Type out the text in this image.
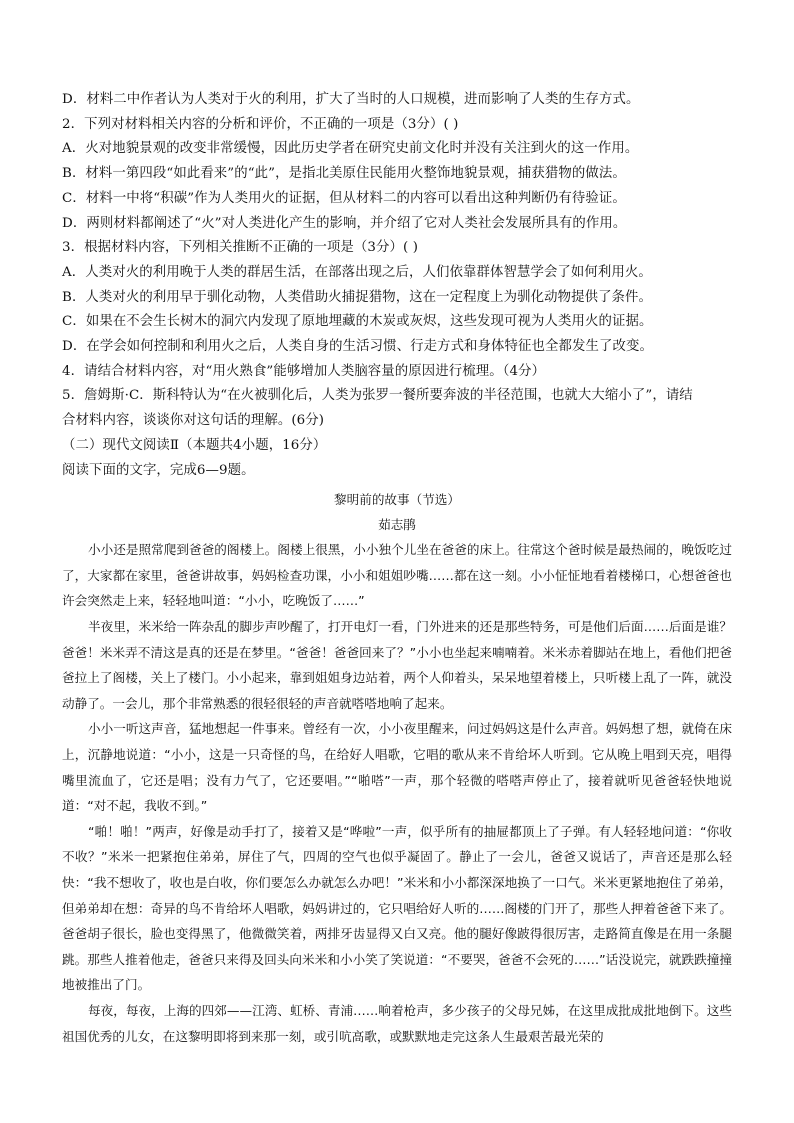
D．材料二中作者认为人类对于火的利用，扩大了当时的人口规模，进而影响了人类的生存方式。
2．下列对材料相关内容的分析和评价，不正确的一项是（3分）( )
A．火对地貌景观的改变非常缓慢，因此历史学者在研究史前文化时并没有关注到火的这一作用。
B．材料一第四段“如此看来”的“此”，是指北美原住民能用火整饰地貌景观，捕获猎物的做法。
C．材料一中将“积碳”作为人类用火的证据，但从材料二的内容可以看出这种判断仍有待验证。
D．两则材料都阐述了“火”对人类进化产生的影响，并介绍了它对人类社会发展所具有的作用。
3．根据材料内容，下列相关推断不正确的一项是（3分）( )
A．人类对火的利用晚于人类的群居生活，在部落出现之后，人们依靠群体智慧学会了如何利用火。
B．人类对火的利用早于驯化动物，人类借助火捕捉猎物，这在一定程度上为驯化动物提供了条件。
C．如果在不会生长树木的洞穴内发现了原地埋藏的木炭或灰烬，这些发现可视为人类用火的证据。
D．在学会如何控制和利用火之后，人类自身的生活习惯、行走方式和身体特征也全都发生了改变。
4．请结合材料内容，对“用火熟食”能够增加人类脑容量的原因进行梳理。（4分）
5．詹姆斯·C．斯科特认为“在火被驯化后，人类为张罗一餐所要奔波的半径范围，也就大大缩小了”，请结
合材料内容，谈谈你对这句话的理解。(6分)
（二）现代文阅读Ⅱ（本题共4小题，16分）
阅读下面的文字，完成6—9题。
黎明前的故事（节选）
茹志鹃

小小还是照常爬到爸爸的阁楼上。阁楼上很黑，小小独个儿坐在爸爸的床上。往常这个爸时候是最热闹的，晚饭吃过了，大家都在家里，爸爸讲故事，妈妈检查功课，小小和姐姐吵嘴……都在这一刻。小小怔怔地看着楼梯口，心想爸爸也许会突然走上来，轻轻地叫道：“小小，吃晚饭了……”

半夜里，米米给一阵杂乱的脚步声吵醒了，打开电灯一看，门外进来的还是那些特务，可是他们后面……后面是谁？爸爸！米米弄不清这是真的还是在梦里。“爸爸！爸爸回来了？”小小也坐起来喃喃着。米米赤着脚站在地上，看他们把爸爸拉上了阁楼，关上了楼门。小小起来，靠到姐姐身边站着，两个人仰着头，呆呆地望着楼上，只听楼上乱了一阵，就没动静了。一会儿，那个非常熟悉的很轻很轻的声音就嗒嗒地响了起来。

小小一听这声音，猛地想起一件事来。曾经有一次，小小夜里醒来，问过妈妈这是什么声音。妈妈想了想，就倚在床上，沉静地说道：“小小，这是一只奇怪的鸟，在给好人唱歌，它唱的歌从来不肯给坏人听到。它从晚上唱到天亮，唱得嘴里流血了，它还是唱；没有力气了，它还要唱。”“啪嗒”一声，那个轻微的嗒嗒声停止了，接着就听见爸爸轻快地说道：“对不起，我收不到。”

“啪！啪！”两声，好像是动手打了，接着又是“哗啦”一声，似乎所有的抽屉都顶上了子弹。有人轻轻地问道：“你收不收？”米米一把紧抱住弟弟，屏住了气，四周的空气也似乎凝固了。静止了一会儿，爸爸又说话了，声音还是那么轻快：“我不想收了，收也是白收，你们要怎么办就怎么办吧！”米米和小小都深深地换了一口气。米米更紧地抱住了弟弟，但弟弟却在想：奇异的鸟不肯给坏人唱歌，妈妈讲过的，它只唱给好人听的……阁楼的门开了，那些人押着爸爸下来了。爸爸胡子很长，脸也变得黑了，他微微笑着，两排牙齿显得又白又亮。他的腿好像跛得很厉害，走路简直像是在用一条腿跳。那些人推着他走，爸爸只来得及回头向米米和小小笑了笑说道：“不要哭，爸爸不会死的……”话没说完，就跌跌撞撞地被推出了门。

每夜，每夜，上海的四郊——江湾、虹桥、青浦……响着枪声，多少孩子的父母兄姊，在这里成批成批地倒下。这些祖国优秀的儿女，在这黎明即将到来那一刻，或引吭高歌，或默默地走完这条人生最艰苦最光荣的
